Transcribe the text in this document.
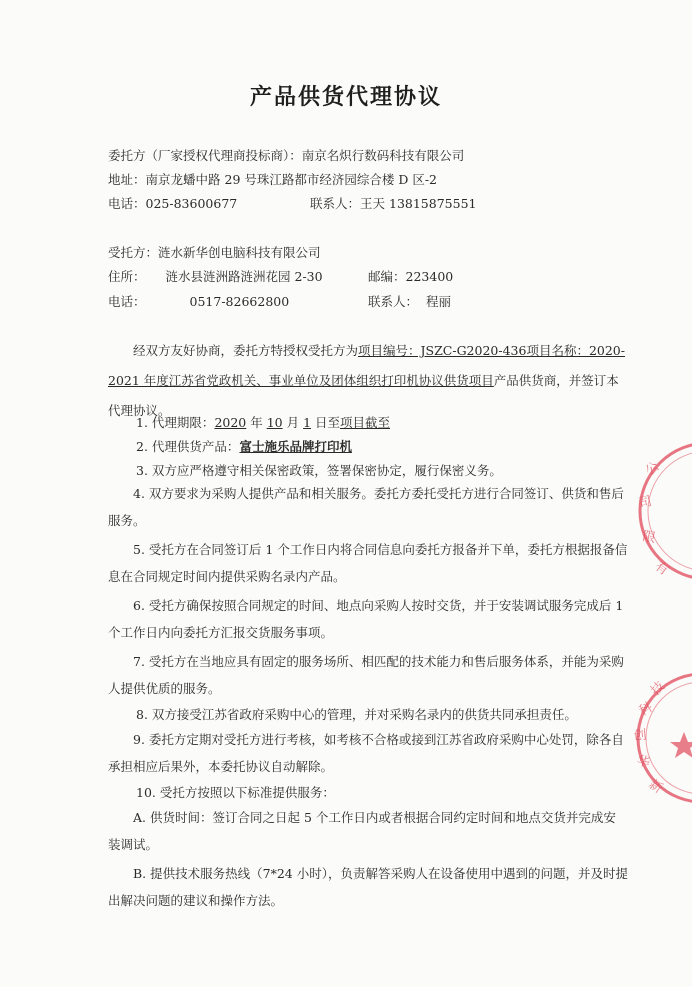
产品供货代理协议
委托方（厂家授权代理商投标商）：南京名炽行数码科技有限公司
地址：南京龙蟠中路 29 号珠江路都市经济园综合楼 D 区-2
电话：025-83600677	联系人：王天 13815875551
受托方：涟水新华创电脑科技有限公司
住所： 涟水县涟洲路涟洲花园 2-30	邮编：223400
电话：	0517-82662800	联系人： 程丽
经双方友好协商，委托方特授权受托方为项目编号：JSZC-G2020-436项目名称：2020-2021 年度江苏省党政机关、事业单位及团体组织打印机协议供货项目产品供货商，并签订本代理协议。
1. 代理期限：2020 年 10 月 1 日至项目截至
2. 代理供货产品：富士施乐品牌打印机
3. 双方应严格遵守相关保密政策，签署保密协定，履行保密义务。
4. 双方要求为采购人提供产品和相关服务。委托方委托受托方进行合同签订、供货和售后服务。
5. 受托方在合同签订后 1 个工作日内将合同信息向委托方报备并下单，委托方根据报备信息在合同规定时间内提供采购名录内产品。
6. 受托方确保按照合同规定的时间、地点向采购人按时交货，并于安装调试服务完成后 1 个工作日内向委托方汇报交货服务事项。
7. 受托方在当地应具有固定的服务场所、相匹配的技术能力和售后服务体系，并能为采购人提供优质的服务。
8. 双方接受江苏省政府采购中心的管理，并对采购名录内的供货共同承担责任。
9. 委托方定期对受托方进行考核，如考核不合格或接到江苏省政府采购中心处罚，除各自承担相应后果外，本委托协议自动解除。
10. 受托方按照以下标准提供服务：
A. 供货时间：签订合同之日起 5 个工作日内或者根据合同约定时间和地点交货并完成安装调试。
B. 提供技术服务热线（7*24 小时），负责解答采购人在设备使用中遇到的问题，并及时提出解决问题的建议和操作方法。
公
司
限
有
技
科
创
华
新
